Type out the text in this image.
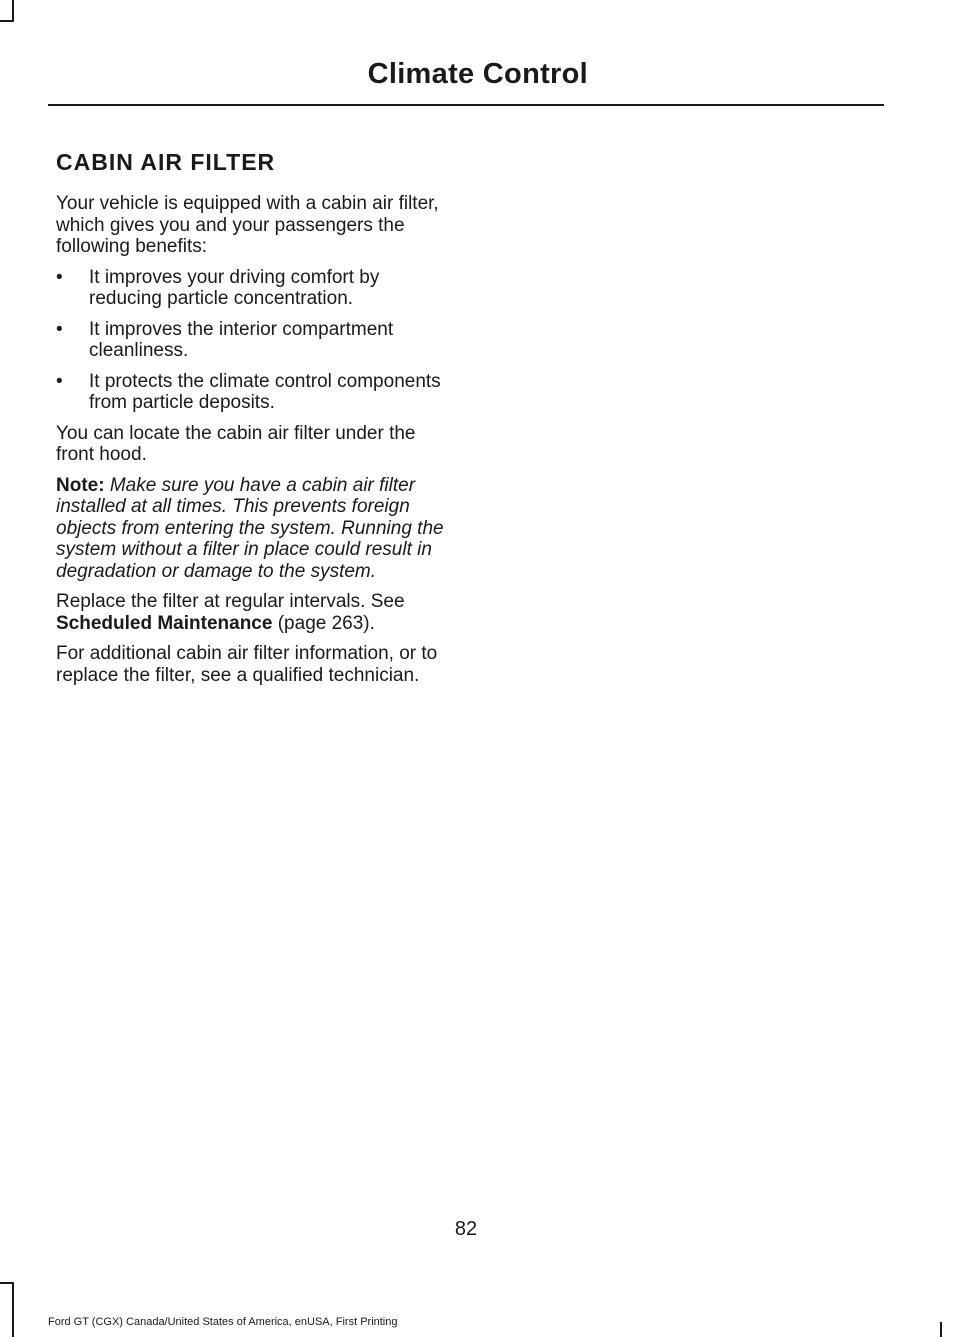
Climate Control
CABIN AIR FILTER

Your vehicle is equipped with a cabin air filter, which gives you and your passengers the following benefits:

•	It improves your driving comfort by reducing particle concentration.
•	It improves the interior compartment cleanliness.
•	It protects the climate control components from particle deposits.

You can locate the cabin air filter under the front hood.

Note: Make sure you have a cabin air filter installed at all times. This prevents foreign objects from entering the system. Running the system without a filter in place could result in degradation or damage to the system.

Replace the filter at regular intervals. See Scheduled Maintenance (page 263).

For additional cabin air filter information, or to replace the filter, see a qualified technician.

82
Ford GT (CGX) Canada/United States of America, enUSA, First Printing
